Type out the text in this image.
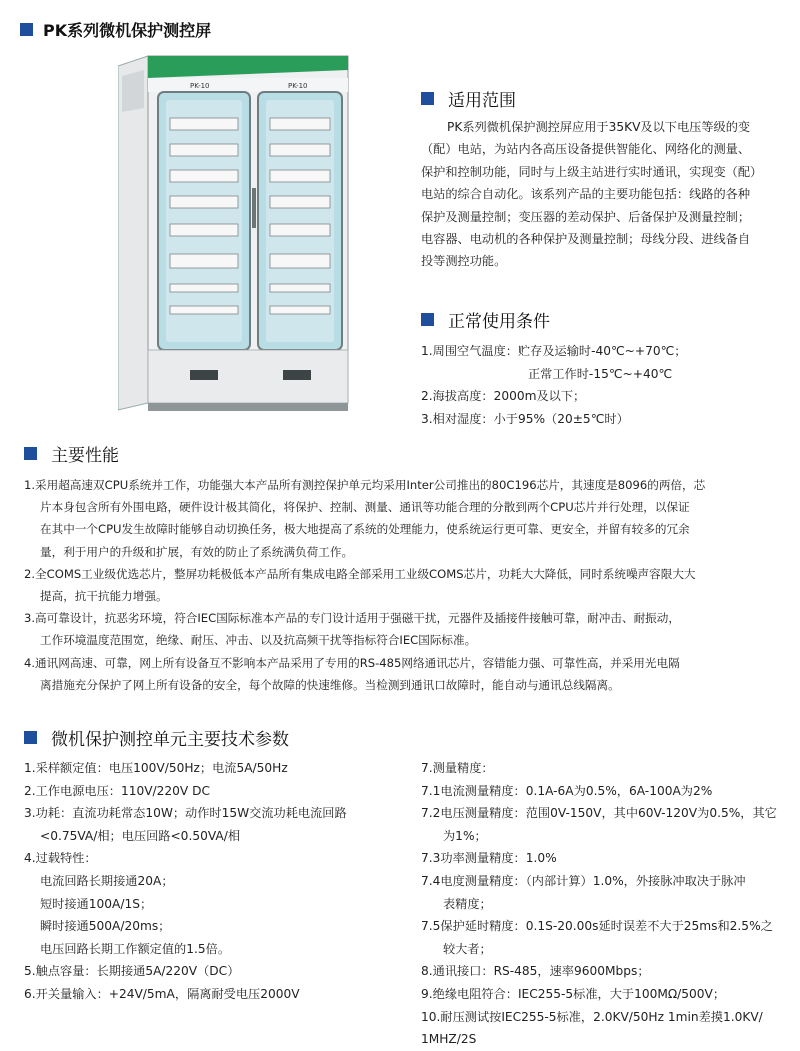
PK系列微机保护测控屏
PK-10	PK-10
适用范围
PK系列微机保护测控屏应用于35KV及以下电压等级的变
（配）电站，为站内各高压设备提供智能化、网络化的测量、
保护和控制功能，同时与上级主站进行实时通讯，实现变（配）
电站的综合自动化。该系列产品的主要功能包括：线路的各种
保护及测量控制；变压器的差动保护、后备保护及测量控制；
电容器、电动机的各种保护及测量控制；母线分段、进线备自
投等测控功能。
正常使用条件
1.周围空气温度：贮存及运输时-40℃~+70℃；
正常工作时-15℃~+40℃
2.海拔高度：2000m及以下；
3.相对湿度：小于95%（20±5℃时）
主要性能
1.采用超高速双CPU系统并工作，功能强大本产品所有测控保护单元均采用Inter公司推出的80C196芯片，其速度是8096的两倍，芯
片本身包含所有外围电路，硬件设计极其简化，将保护、控制、测量、通讯等功能合理的分散到两个CPU芯片并行处理，以保证
在其中一个CPU发生故障时能够自动切换任务，极大地提高了系统的处理能力，使系统运行更可靠、更安全，并留有较多的冗余
量，利于用户的升级和扩展，有效的防止了系统满负荷工作。
2.全COMS工业级优选芯片，整屏功耗极低本产品所有集成电路全部采用工业级COMS芯片，功耗大大降低，同时系统噪声容限大大
提高，抗干抗能力增强。
3.高可靠设计，抗恶劣环境，符合IEC国际标准本产品的专门设计适用于强磁干扰，元器件及插接件接触可靠，耐冲击、耐振动，
工作环境温度范围宽，绝缘、耐压、冲击、以及抗高频干扰等指标符合IEC国际标准。
4.通讯网高速、可靠，网上所有设备互不影响本产品采用了专用的RS-485网络通讯芯片，容错能力强、可靠性高，并采用光电隔
离措施充分保护了网上所有设备的安全，每个故障的快速维修。当检测到通讯口故障时，能自动与通讯总线隔离。
微机保护测控单元主要技术参数
1.采样额定值：电压100V/50Hz；电流5A/50Hz
2.工作电源电压：110V/220V DC
3.功耗：直流功耗常态10W；动作时15W交流功耗电流回路
<0.75VA/相；电压回路<0.50VA/相
4.过载特性：
电流回路长期接通20A；
短时接通100A/1S；
瞬时接通500A/20ms；
电压回路长期工作额定值的1.5倍。
5.触点容量：长期接通5A/220V（DC）
6.开关量输入：+24V/5mA，隔离耐受电压2000V
7.测量精度：
7.1电流测量精度：0.1A-6A为0.5%，6A-100A为2%
7.2电压测量精度：范围0V-150V，其中60V-120V为0.5%，其它
为1%；
7.3功率测量精度：1.0%
7.4电度测量精度：（内部计算）1.0%，外接脉冲取决于脉冲
表精度；
7.5保护延时精度：0.1S-20.00s延时误差不大于25ms和2.5%之
较大者；
8.通讯接口：RS-485，速率9600Mbps；
9.绝缘电阻符合：IEC255-5标准，大于100MΩ/500V；
10.耐压测试按IEC255-5标准，2.0KV/50Hz 1min差摸1.0KV/
1MHZ/2S
